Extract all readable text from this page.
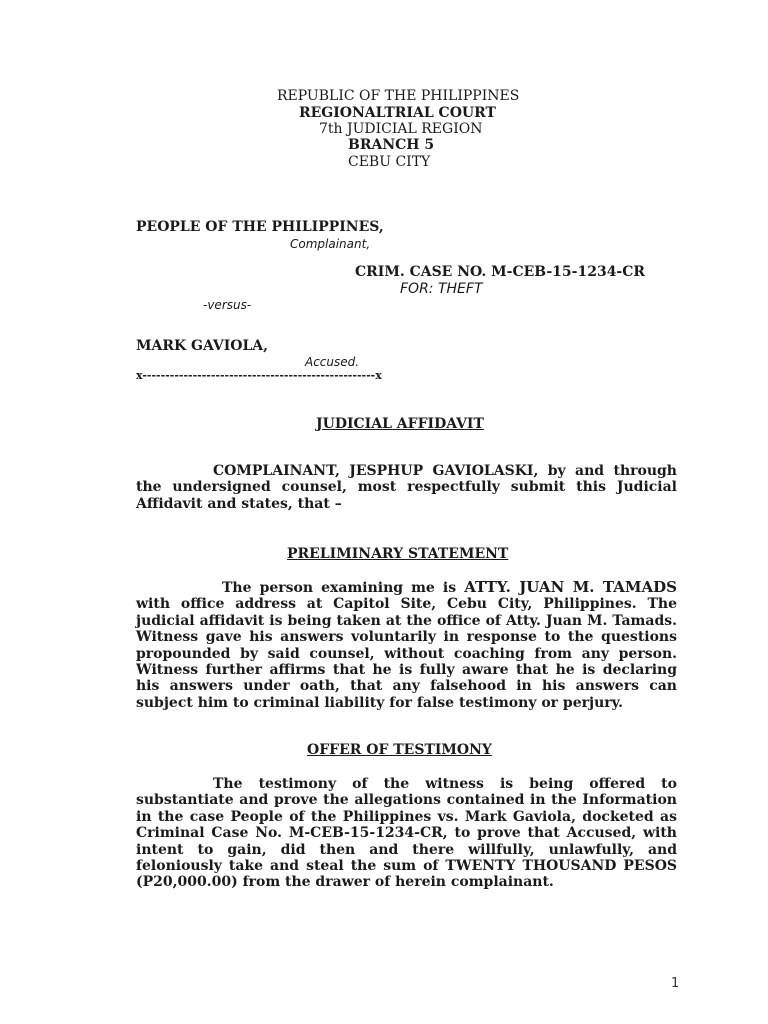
REPUBLIC OF THE PHILIPPINES
REGIONALTRIAL COURT
7th JUDICIAL REGION
BRANCH 5
CEBU CITY
PEOPLE OF THE PHILIPPINES,
Complainant,
CRIM. CASE NO. M-CEB-15-1234-CR
FOR: THEFT
-versus-
MARK GAVIOLA,
Accused.
x---------------------------------------------------x
JUDICIAL AFFIDAVIT
COMPLAINANT, JESPHUP GAVIOLASKI, by and through the undersigned counsel, most respectfully submit this Judicial Affidavit and states, that –
PRELIMINARY STATEMENT
The person examining me is ATTY. JUAN M. TAMADS with office address at Capitol Site, Cebu City, Philippines. The judicial affidavit is being taken at the office of Atty. Juan M. Tamads. Witness gave his answers voluntarily in response to the questions propounded by said counsel, without coaching from any person. Witness further affirms that he is fully aware that he is declaring his answers under oath, that any falsehood in his answers can subject him to criminal liability for false testimony or perjury.
OFFER OF TESTIMONY
The testimony of the witness is being offered to substantiate and prove the allegations contained in the Information in the case People of the Philippines vs. Mark Gaviola, docketed as Criminal Case No. M-CEB-15-1234-CR, to prove that Accused, with intent to gain, did then and there willfully, unlawfully, and feloniously take and steal the sum of TWENTY THOUSAND PESOS (P20,000.00) from the drawer of herein complainant.
1
